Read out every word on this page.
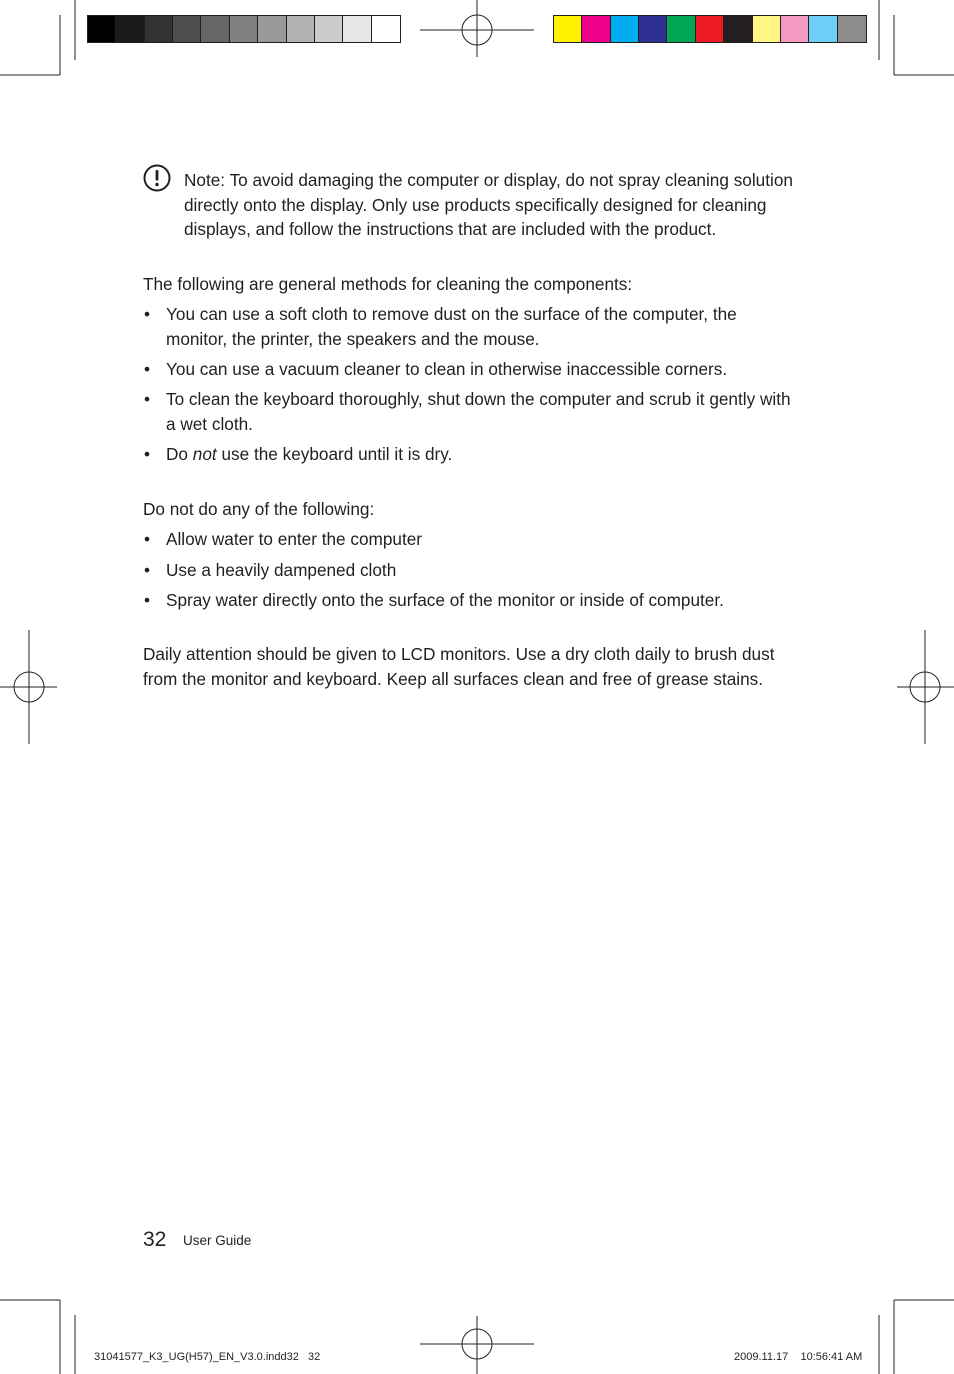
Note: To avoid damaging the computer or display, do not spray cleaning solution directly onto the display. Only use products specifically designed for cleaning displays, and follow the instructions that are included with the product.
The following are general methods for cleaning the components:
• You can use a soft cloth to remove dust on the surface of the computer, the monitor, the printer, the speakers and the mouse.
• You can use a vacuum cleaner to clean in otherwise inaccessible corners.
• To clean the keyboard thoroughly, shut down the computer and scrub it gently with a wet cloth.
• Do not use the keyboard until it is dry.
Do not do any of the following:
• Allow water to enter the computer
• Use a heavily dampened cloth
• Spray water directly onto the surface of the monitor or inside of computer.
Daily attention should be given to LCD monitors. Use a dry cloth daily to brush dust from the monitor and keyboard. Keep all surfaces clean and free of grease stains.
32 User Guide
31041577_K3_UG(H57)_EN_V3.0.indd32   32	2009.11.17    10:56:41 AM
